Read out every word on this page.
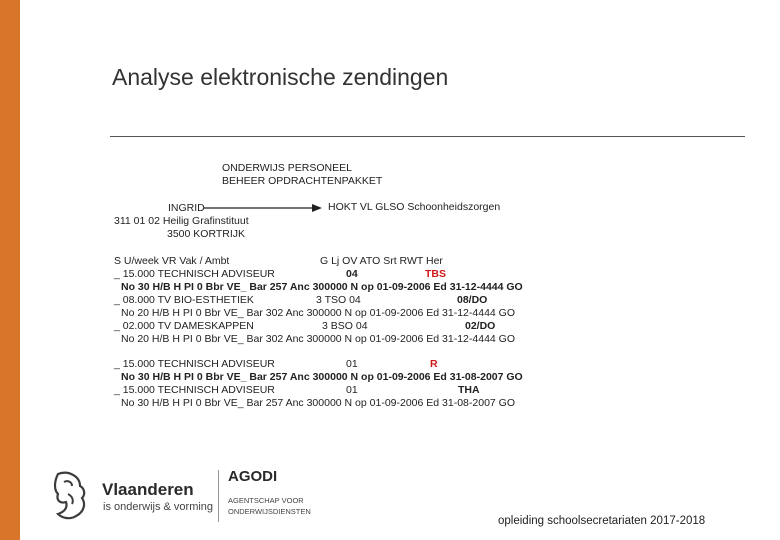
Analyse elektronische zendingen
ONDERWIJS PERSONEEL
BEHEER OPDRACHTENPAKKET
INGRID	HOKT VL GLSO Schoonheidszorgen
311 01 02 Heilig Grafinstituut
3500 KORTRIJK
S U/week VR Vak / Ambt	G Lj OV ATO Srt RWT Her
_ 15.000 TECHNISCH ADVISEUR	04	TBS
No 30 H/B H PI 0 Bbr VE_ Bar 257 Anc 300000 N op 01-09-2006 Ed 31-12-4444 GO
_ 08.000 TV BIO-ESTHETIEK	3 TSO 04	08/DO
No 20 H/B H PI 0 Bbr VE_ Bar 302 Anc 300000 N op 01-09-2006 Ed 31-12-4444 GO
_ 02.000 TV DAMESKAPPEN	3 BSO 04	02/DO
No 20 H/B H PI 0 Bbr VE_ Bar 302 Anc 300000 N op 01-09-2006 Ed 31-12-4444 GO
_ 15.000 TECHNISCH ADVISEUR	01	R
No 30 H/B H PI 0 Bbr VE_ Bar 257 Anc 300000 N op 01-09-2006 Ed 31-08-2007 GO
_ 15.000 TECHNISCH ADVISEUR	01	THA
No 30 H/B H PI 0 Bbr VE_ Bar 257 Anc 300000 N op 01-09-2006 Ed 31-08-2007 GO
Vlaanderen
is onderwijs & vorming
AGODI
AGENTSCHAP VOOR
ONDERWIJSDIENSTEN	opleiding schoolsecretariaten 2016-2017
opleiding schoolsecretariaten 2017-2018
